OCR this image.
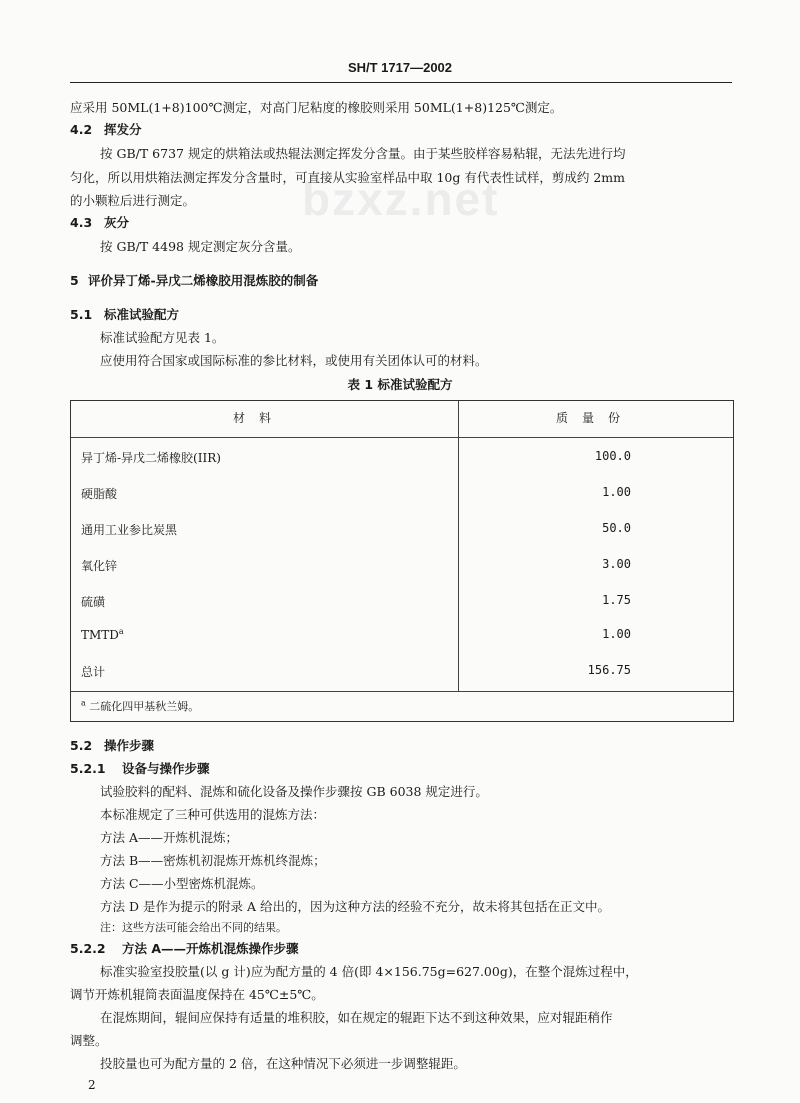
SH/T 1717—2002
bzxz.net
应采用 50ML(1+8)100℃测定，对高门尼粘度的橡胶则采用 50ML(1+8)125℃测定。
4.2 挥发分
按 GB/T 6737 规定的烘箱法或热辊法测定挥发分含量。由于某些胶样容易粘辊，无法先进行均
匀化，所以用烘箱法测定挥发分含量时，可直接从实验室样品中取 10g 有代表性试样，剪成约 2mm
的小颗粒后进行测定。
4.3 灰分
按 GB/T 4498 规定测定灰分含量。
5 评价异丁烯-异戊二烯橡胶用混炼胶的制备
5.1 标准试验配方
标准试验配方见表 1。
应使用符合国家或国际标准的参比材料，或使用有关团体认可的材料。
表 1 标准试验配方
材料	质量份
异丁烯-异戊二烯橡胶(IIR)	100.0
硬脂酸	1.00
通用工业参比炭黑	50.0
氧化锌	3.00
硫磺	1.75
TMTD$^a$	1.00
总计	156.75
$^a$ 二硫化四甲基秋兰姆。
5.2 操作步骤
5.2.1 设备与操作步骤
试验胶料的配料、混炼和硫化设备及操作步骤按 GB 6038 规定进行。
本标准规定了三种可供选用的混炼方法：
方法 A——开炼机混炼；
方法 B——密炼机初混炼开炼机终混炼；
方法 C——小型密炼机混炼。
方法 D 是作为提示的附录 A 给出的，因为这种方法的经验不充分，故未将其包括在正文中。
注：这些方法可能会给出不同的结果。
5.2.2 方法 A——开炼机混炼操作步骤
标准实验室投胶量(以 g 计)应为配方量的 4 倍(即 4×156.75g=627.00g)，在整个混炼过程中，
调节开炼机辊筒表面温度保持在 45℃±5℃。
在混炼期间，辊间应保持有适量的堆积胶，如在规定的辊距下达不到这种效果，应对辊距稍作
调整。
投胶量也可为配方量的 2 倍，在这种情况下必须进一步调整辊距。
2
